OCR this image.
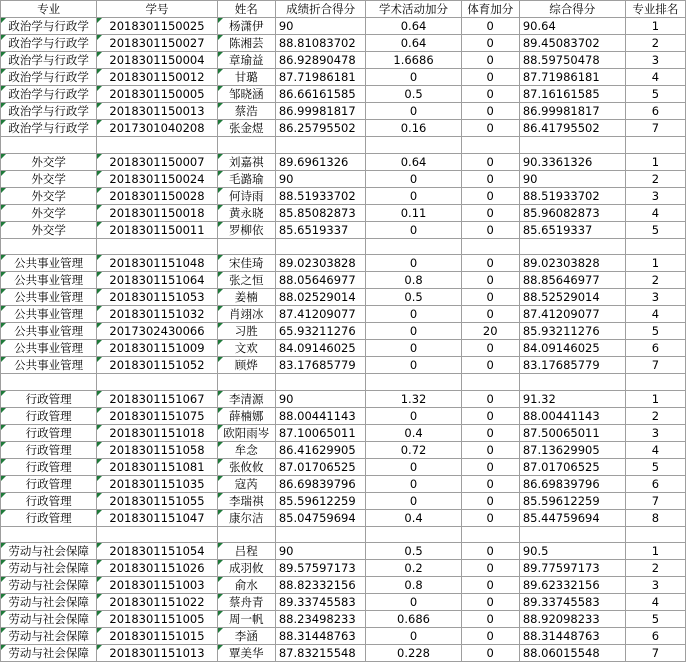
专业	学号	姓名	成绩折合得分	学术活动加分	体育加分	综合得分	专业排名
政治学与行政学	2018301150025	杨潇伊	90	0.64	0	90.64	1
政治学与行政学	2018301150027	陈湘芸	88.81083702	0.64	0	89.45083702	2
政治学与行政学	2018301150004	章瑜益	86.92890478	1.6686	0	88.59750478	3
政治学与行政学	2018301150012	甘璐	87.71986181	0	0	87.71986181	4
政治学与行政学	2018301150005	邹晓涵	86.66161585	0.5	0	87.16161585	5
政治学与行政学	2018301150013	蔡浩	86.99981817	0	0	86.99981817	6
政治学与行政学	2017301040208	张金煜	86.25795502	0.16	0	86.41795502	7

外交学	2018301150007	刘嘉祺	89.6961326	0.64	0	90.3361326	1
外交学	2018301150024	毛潞瑜	90	0	0	90	2
外交学	2018301150028	何诗雨	88.51933702	0	0	88.51933702	3
外交学	2018301150018	黄永晓	85.85082873	0.11	0	85.96082873	4
外交学	2018301150011	罗柳依	85.6519337	0	0	85.6519337	5

公共事业管理	2018301151048	宋佳琦	89.02303828	0	0	89.02303828	1
公共事业管理	2018301151064	张之恒	88.05646977	0.8	0	88.85646977	2
公共事业管理	2018301151053	姜楠	88.02529014	0.5	0	88.52529014	3
公共事业管理	2018301151032	肖翊冰	87.41209077	0	0	87.41209077	4
公共事业管理	2017302430066	习胜	65.93211276	0	20	85.93211276	5
公共事业管理	2018301151009	文欢	84.09146025	0	0	84.09146025	6
公共事业管理	2018301151052	顾烨	83.17685779	0	0	83.17685779	7

行政管理	2018301151067	李清源	90	1.32	0	91.32	1
行政管理	2018301151075	薛楠娜	88.00441143	0	0	88.00441143	2
行政管理	2018301151018	欧阳雨岑	87.10065011	0.4	0	87.50065011	3
行政管理	2018301151058	牟念	86.41629905	0.72	0	87.13629905	4
行政管理	2018301151081	张攸攸	87.01706525	0	0	87.01706525	5
行政管理	2018301151035	寇芮	86.69839796	0	0	86.69839796	6
行政管理	2018301151055	李瑞祺	85.59612259	0	0	85.59612259	7
行政管理	2018301151047	康尔洁	85.04759694	0.4	0	85.44759694	8

劳动与社会保障	2018301151054	吕程	90	0.5	0	90.5	1
劳动与社会保障	2018301151026	成羽攸	89.57597173	0.2	0	89.77597173	2
劳动与社会保障	2018301151003	俞水	88.82332156	0.8	0	89.62332156	3
劳动与社会保障	2018301151022	蔡舟青	89.33745583	0	0	89.33745583	4
劳动与社会保障	2018301151005	周一帆	88.23498233	0.686	0	88.92098233	5
劳动与社会保障	2018301151015	李涵	88.31448763	0	0	88.31448763	6
劳动与社会保障	2018301151013	覃美华	87.83215548	0.228	0	88.06015548	7
